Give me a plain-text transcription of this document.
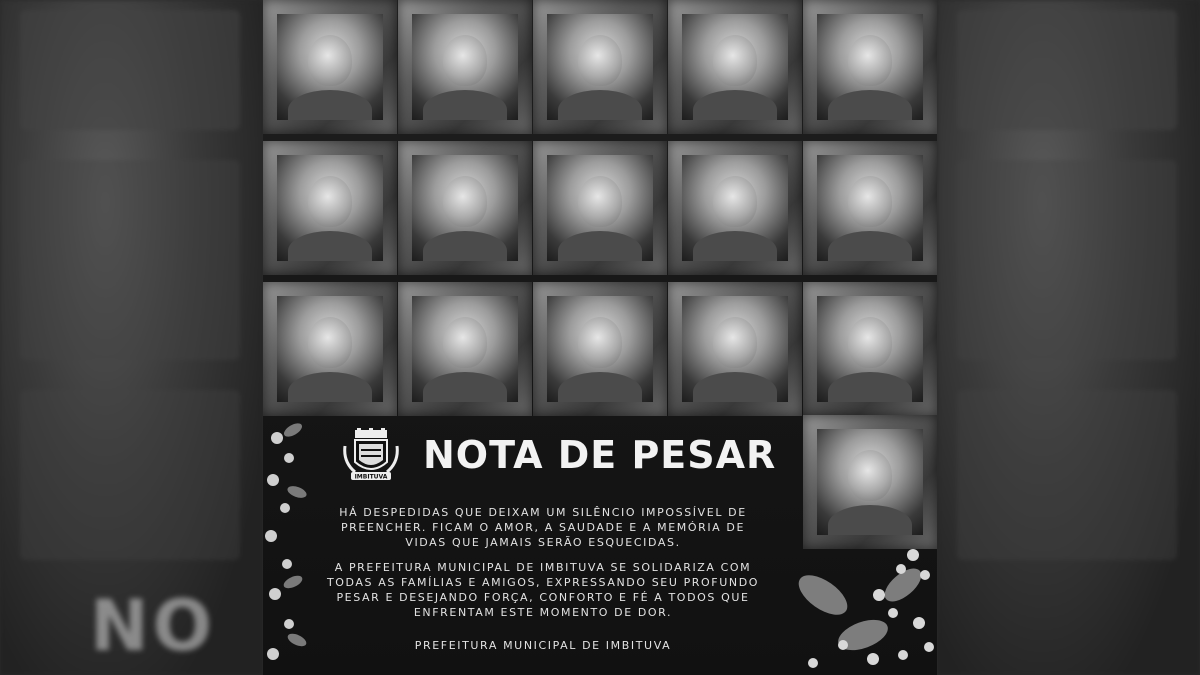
NO
IMBITUVA NOTA DE PESAR
HÁ DESPEDIDAS QUE DEIXAM UM SILÊNCIO IMPOSSÍVEL DE PREENCHER. FICAM O AMOR, A SAUDADE E A MEMÓRIA DE VIDAS QUE JAMAIS SERÃO ESQUECIDAS.
A PREFEITURA MUNICIPAL DE IMBITUVA SE SOLIDARIZA COM TODAS AS FAMÍLIAS E AMIGOS, EXPRESSANDO SEU PROFUNDO PESAR E DESEJANDO FORÇA, CONFORTO E FÉ A TODOS QUE ENFRENTAM ESTE MOMENTO DE DOR.
PREFEITURA MUNICIPAL DE IMBITUVA
